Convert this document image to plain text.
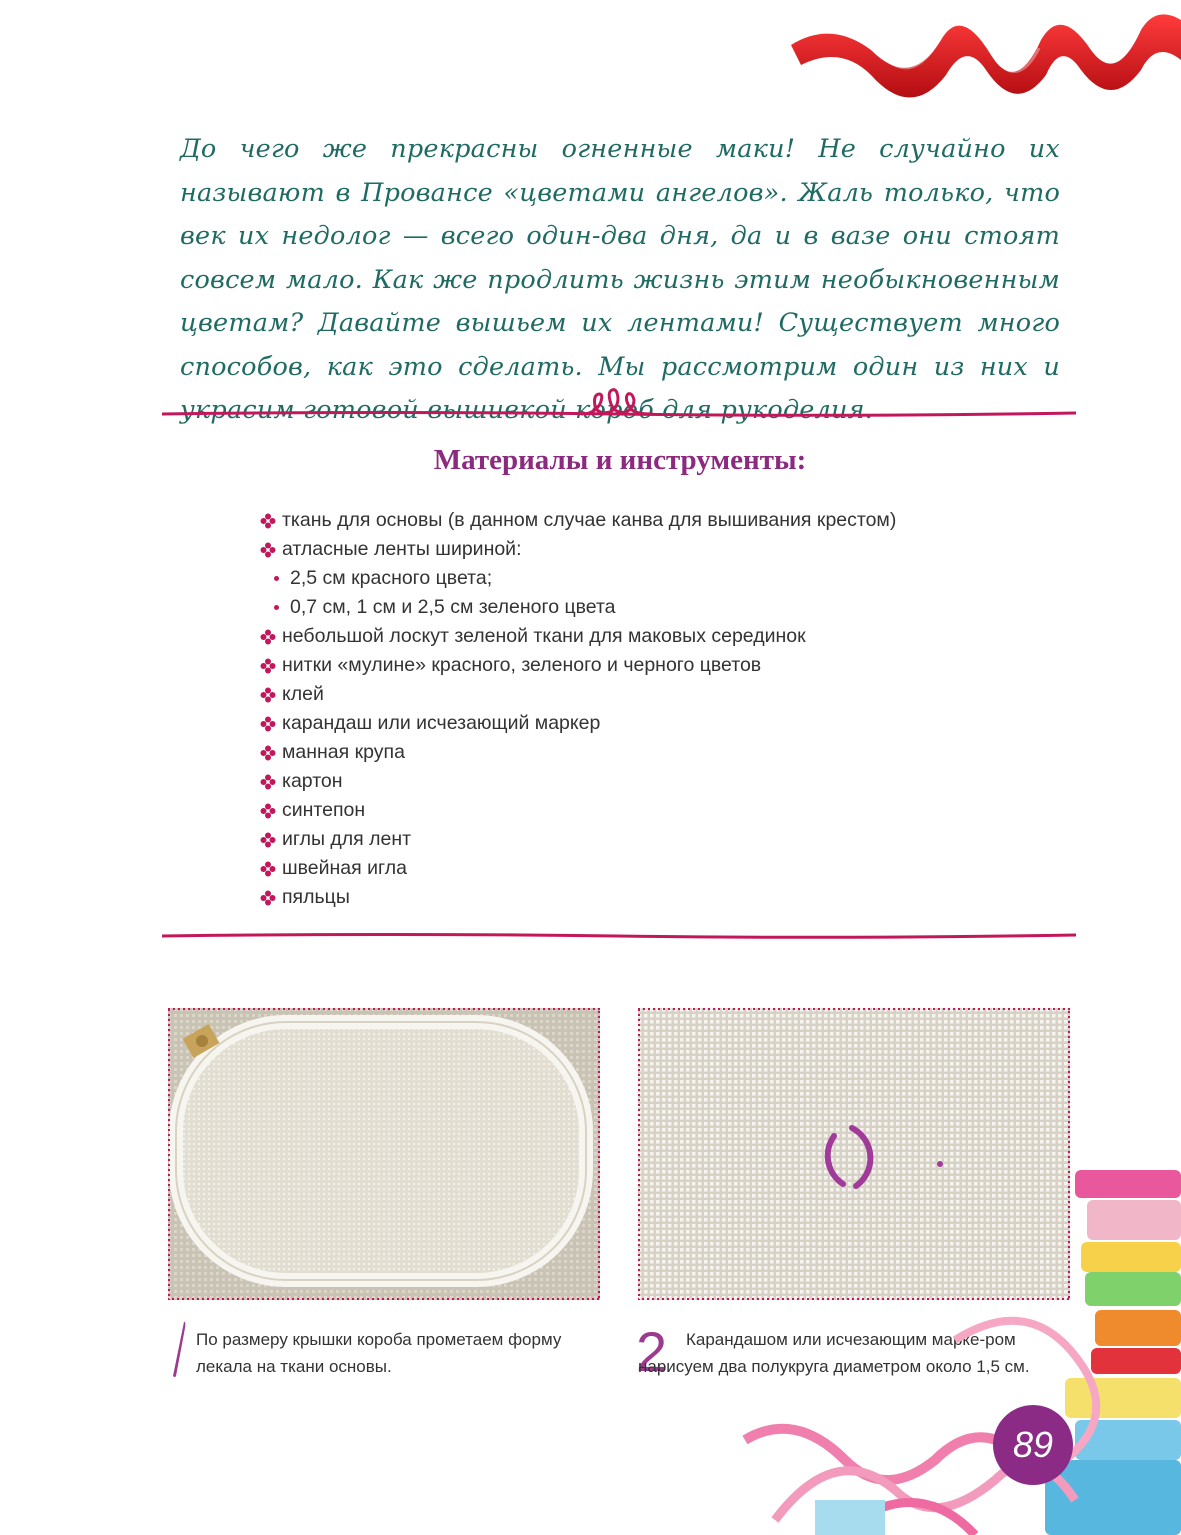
До чего же прекрасны огненные маки! Не случайно их называют в Провансе «цветами ангелов». Жаль только, что век их недолог — всего один-два дня, да и в вазе они стоят совсем мало. Как же продлить жизнь этим необыкновенным цветам? Давайте вышьем их лентами! Существует много способов, как это сделать. Мы рассмотрим один из них и украсим готовой вышивкой короб для рукоделия.

Материалы и инструменты:
ткань для основы (в данном случае канва для вышивания крестом)
атласные ленты шириной:
2,5 см красного цвета;
0,7 см, 1 см и 2,5 см зеленого цвета
небольшой лоскут зеленой ткани для маковых серединок
нитки «мулине» красного, зеленого и черного цветов
клей
карандаш или исчезающий маркер
манная крупа
картон
синтепон
иглы для лент
швейная игла
пяльцы

По размеру крышки короба прометаем форму лекала на ткани основы.	2	Карандашом или исчезающим марке-ром нарисуем два полукруга диаметром около 1,5 см.

89
